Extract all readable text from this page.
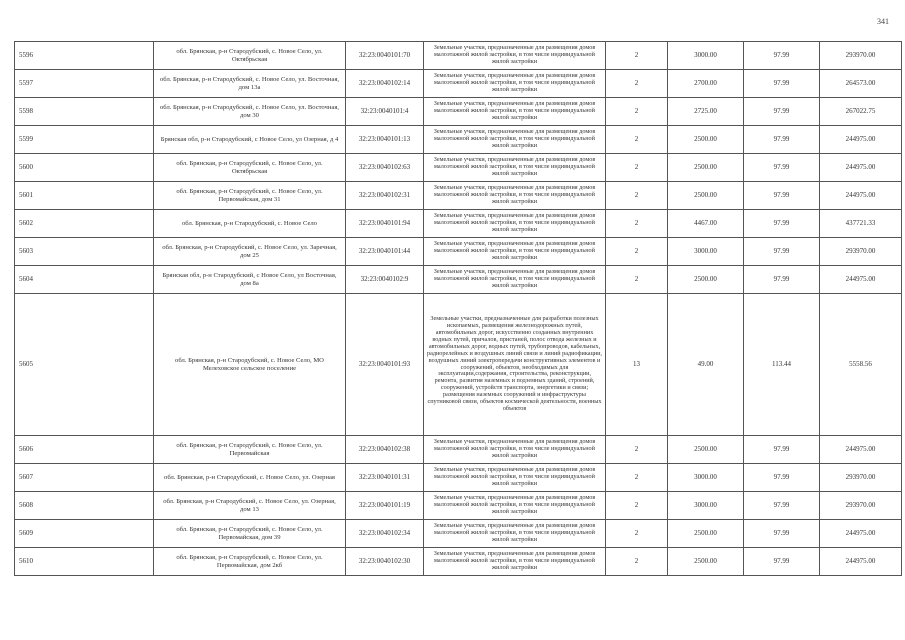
341
5596	обл. Брянская, р-н Стародубский, с. Новое Село, ул. Октябрьская	32:23:0040101:70	Земельные участки, предназначенные для размещения домов малоэтажной жилой застройки, в том числе индивидуальной жилой застройки	2	3000.00	97.99	293970.00
5597	обл. Брянская, р-н Стародубский, с. Новое Село, ул. Восточная, дом 13а	32:23:0040102:14	Земельные участки, предназначенные для размещения домов малоэтажной жилой застройки, в том числе индивидуальной жилой застройки	2	2700.00	97.99	264573.00
5598	обл. Брянская, р-н Стародубский, с. Новое Село, ул. Восточная, дом 30	32:23:0040101:4	Земельные участки, предназначенные для размещения домов малоэтажной жилой застройки, в том числе индивидуальной жилой застройки	2	2725.00	97.99	267022.75
5599	Брянская обл, р-н Стародубский, с Новое Село, ул Озерная, д 4	32:23:0040101:13	Земельные участки, предназначенные для размещения домов малоэтажной жилой застройки, в том числе индивидуальной жилой застройки	2	2500.00	97.99	244975.00
5600	обл. Брянская, р-н Стародубский, с. Новое Село, ул. Октябрьская	32:23:0040102:63	Земельные участки, предназначенные для размещения домов малоэтажной жилой застройки, в том числе индивидуальной жилой застройки	2	2500.00	97.99	244975.00
5601	обл. Брянская, р-н Стародубский, с. Новое Село, ул. Первомайская, дом 31	32:23:0040102:31	Земельные участки, предназначенные для размещения домов малоэтажной жилой застройки, в том числе индивидуальной жилой застройки	2	2500.00	97.99	244975.00
5602	обл. Брянская, р-н Стародубский, с. Новое Село	32:23:0040101:94	Земельные участки, предназначенные для размещения домов малоэтажной жилой застройки, в том числе индивидуальной жилой застройки	2	4467.00	97.99	437721.33
5603	обл. Брянская, р-н Стародубский, с. Новое Село, ул. Заречная, дом 25	32:23:0040101:44	Земельные участки, предназначенные для размещения домов малоэтажной жилой застройки, в том числе индивидуальной жилой застройки	2	3000.00	97.99	293970.00
5604	Брянская обл, р-н Стародубский, с Новое Село, ул Восточная, дом 8а	32:23:0040102:9	Земельные участки, предназначенные для размещения домов малоэтажной жилой застройки, в том числе индивидуальной жилой застройки	2	2500.00	97.99	244975.00
5605	обл. Брянская, р-н Стародубский, с. Новое Село, МО Мелеховское сельское поселение	32:23:0040101:93	Земельные участки, предназначенные для разработки полезных ископаемых, размещения железнодорожных путей, автомобильных дорог, искусственно созданных внутренних водных путей, причалов, пристаней, полос отвода железных и автомобильных дорог, водных путей, трубопроводов, кабельных, радиорелейных и воздушных линий связи и линий радиофикации, воздушных линий электропередачи конструктивных элементов и сооружений, объектов, необходимых для эксплуатации,содержания, строительства, реконструкции, ремонта, развития наземных и подземных зданий, строений, сооружений, устройств транспорта, энергетики и связи; размещения наземных сооружений и инфраструктуры спутниковой связи, объектов космической деятельности, военных объектов	13	49.00	113.44	5558.56
5606	обл. Брянская, р-н Стародубский, с. Новое Село, ул. Первомайская	32:23:0040102:38	Земельные участки, предназначенные для размещения домов малоэтажной жилой застройки, в том числе индивидуальной жилой застройки	2	2500.00	97.99	244975.00
5607	обл. Брянская, р-н Стародубский, с. Новое Село, ул. Озерная	32:23:0040101:31	Земельные участки, предназначенные для размещения домов малоэтажной жилой застройки, в том числе индивидуальной жилой застройки	2	3000.00	97.99	293970.00
5608	обл. Брянская, р-н Стародубский, с. Новое Село, ул. Озерная, дом 13	32:23:0040101:19	Земельные участки, предназначенные для размещения домов малоэтажной жилой застройки, в том числе индивидуальной жилой застройки	2	3000.00	97.99	293970.00
5609	обл. Брянская, р-н Стародубский, с. Новое Село, ул. Первомайская, дом 39	32:23:0040102:34	Земельные участки, предназначенные для размещения домов малоэтажной жилой застройки, в том числе индивидуальной жилой застройки	2	2500.00	97.99	244975.00
5610	обл. Брянская, р-н Стародубский, с. Новое Село, ул. Первомайская, дом 2кб	32:23:0040102:30	Земельные участки, предназначенные для размещения домов малоэтажной жилой застройки, в том числе индивидуальной жилой застройки	2	2500.00	97.99	244975.00
